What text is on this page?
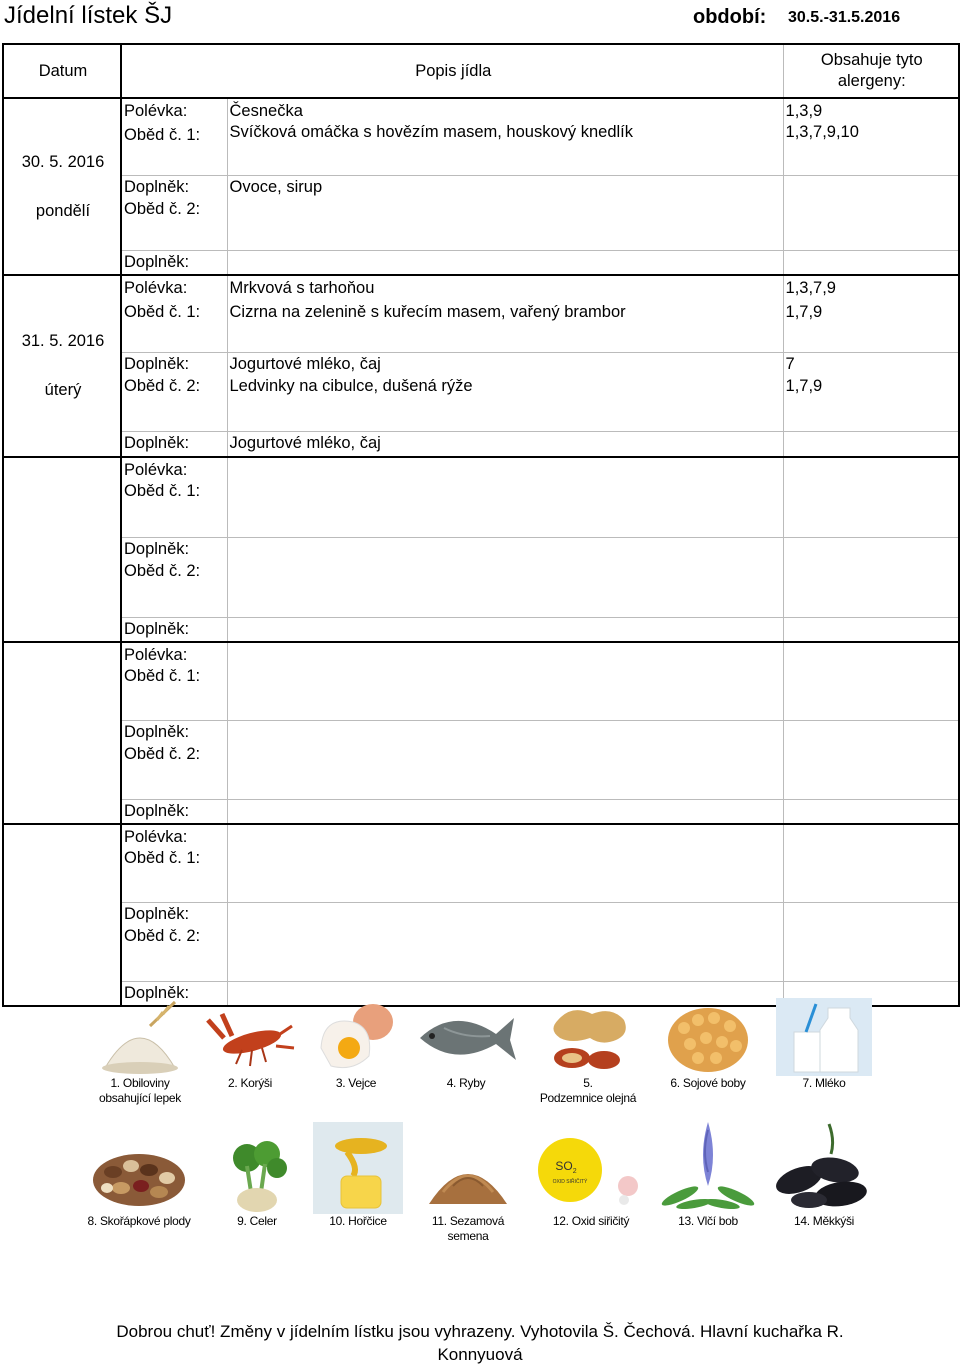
Jídelní lístek ŠJ	období: 30.5.-31.5.2016
Datum	Popis jídla		Obsahuje tyto alergeny:

30. 5. 2016
pondělí	Polévka:	Česnečka	1,3,9
	Oběd č. 1:	Svíčková omáčka s hovězím masem, houskový knedlík	1,3,7,9,10

	Doplněk:	Ovoce, sirup	
	Oběd č. 2:		
	Doplněk:		

31. 5. 2016
úterý	Polévka:	Mrkvová s tarhoňou	1,3,7,9
	Oběd č. 1:	Cizrna na zelenině s kuřecím masem, vařený brambor	1,7,9

	Doplněk:	Jogurtové mléko, čaj	7
	Oběd č. 2:	Ledvinky na cibulce, dušená rýže	1,7,9
	Doplněk:	Jogurtové mléko, čaj	
	Polévka:		
	Oběd č. 1:		
	Doplněk:		
	Oběd č. 2:		
	Doplněk:		
	Polévka:		
	Oběd č. 1:		
	Doplněk:		
	Oběd č. 2:		
	Doplněk:		
	Polévka:		
	Oběd č. 1:		
	Doplněk:		
	Oběd č. 2:		
	Doplněk:		
1. Obiloviny obsahující lepek
2. Korýši	3. Vejce	4. Ryby	5.
Podzemnice olejná
6. Sojové boby	7. Mléko
8. Skořápkové plody	9. Celer	10. Hořčice	11. Sezamová semena
$SO_2$
OXID SIŘIČITÝ
12. Oxid siřičitý	13. Vlčí bob	14. Měkkýši
Dobrou chuť! Změny v jídelním lístku jsou vyhrazeny. Vyhotovila Š. Čechová. Hlavní kuchařka R.
Konnyuová
